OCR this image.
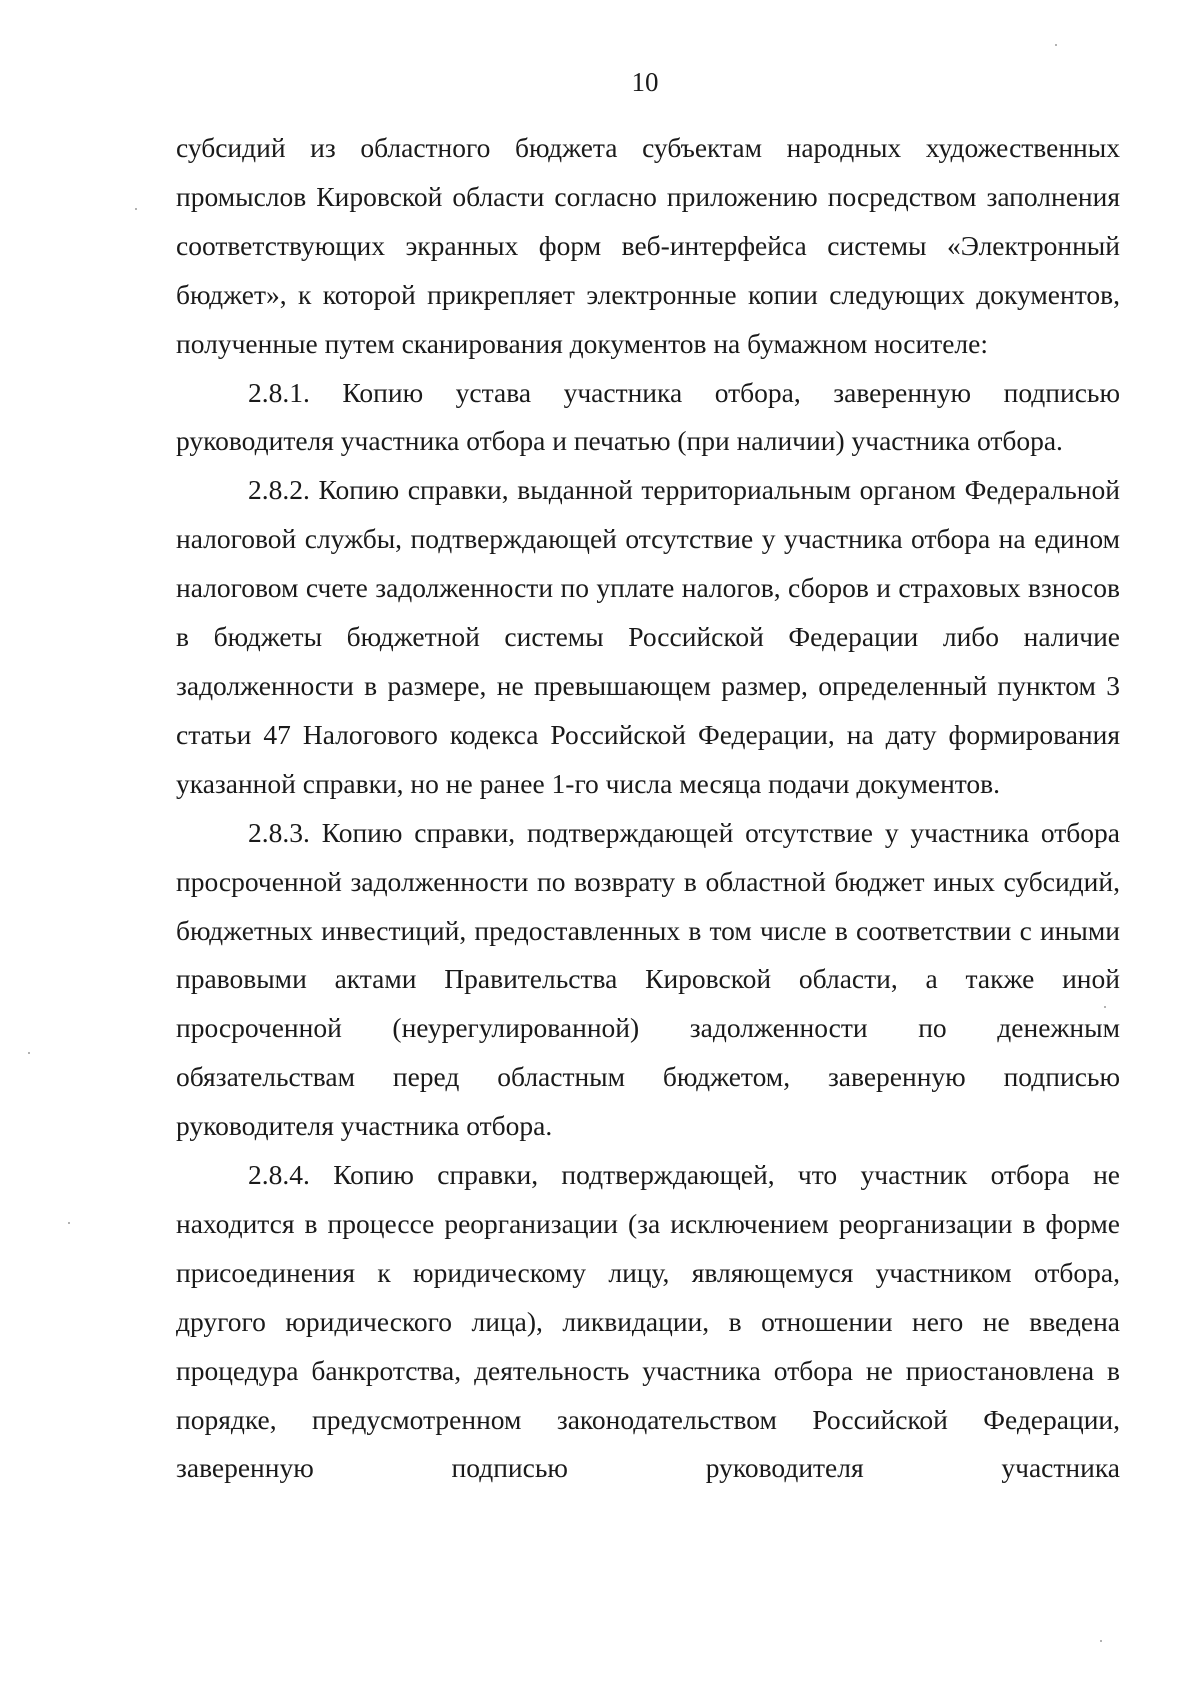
10

субсидий из областного бюджета субъектам народных художественных промыслов Кировской области согласно приложению посредством заполнения соответствующих экранных форм веб-интерфейса системы «Электронный бюджет», к которой прикрепляет электронные копии следующих документов, полученные путем сканирования документов на бумажном носителе:

2.8.1. Копию устава участника отбора, заверенную подписью руководителя участника отбора и печатью (при наличии) участника отбора.

2.8.2. Копию справки, выданной территориальным органом Федеральной налоговой службы, подтверждающей отсутствие у участника отбора на едином налоговом счете задолженности по уплате налогов, сборов и страховых взносов в бюджеты бюджетной системы Российской Федерации либо наличие задолженности в размере, не превышающем размер, определенный пунктом 3 статьи 47 Налогового кодекса Российской Федерации, на дату формирования указанной справки, но не ранее 1-го числа месяца подачи документов.

2.8.3. Копию справки, подтверждающей отсутствие у участника отбора просроченной задолженности по возврату в областной бюджет иных субсидий, бюджетных инвестиций, предоставленных в том числе в соответствии с иными правовыми актами Правительства Кировской области, а также иной просроченной (неурегулированной) задолженности по денежным обязательствам перед областным бюджетом, заверенную подписью руководителя участника отбора.

2.8.4. Копию справки, подтверждающей, что участник отбора не находится в процессе реорганизации (за исключением реорганизации в форме присоединения к юридическому лицу, являющемуся участником отбора, другого юридического лица), ликвидации, в отношении него не введена процедура банкротства, деятельность участника отбора не приостановлена в порядке, предусмотренном законодательством Российской Федерации, заверенную подписью руководителя участника
